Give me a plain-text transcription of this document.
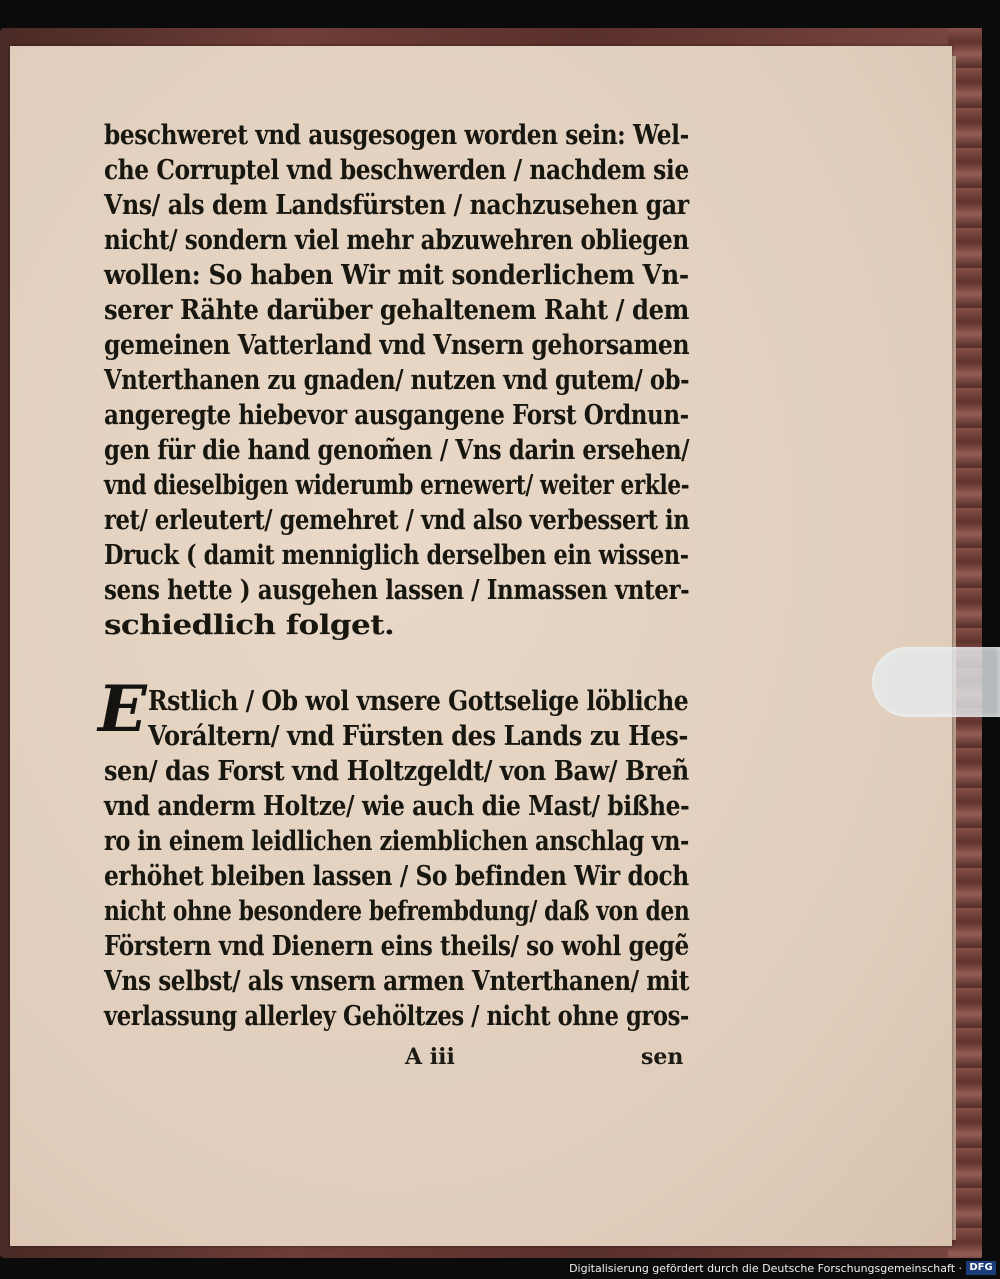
beschweret vnd ausgesogen worden sein: Wel-
che Corruptel vnd beschwerden / nachdem sie
Vns/ als dem Landsfürsten / nachzusehen gar
nicht/ sondern viel mehr abzuwehren obliegen
wollen: So haben Wir mit sonderlichem Vn-
serer Rähte darüber gehaltenem Raht / dem
gemeinen Vatterland vnd Vnsern gehorsamen
Vnterthanen zu gnaden/ nutzen vnd gutem/ ob-
angeregte hiebevor ausgangene Forst Ordnun-
gen für die hand genom̃en / Vns darin ersehen/
vnd dieselbigen widerumb ernewert/ weiter erkle-
ret/ erleutert/ gemehret / vnd also verbessert in
Druck ( damit menniglich derselben ein wissen-
sens hette ) ausgehen lassen / Inmassen vnter-
schiedlich folget.
E Rstlich / Ob wol vnsere Gottselige löbliche
Voráltern/ vnd Fürsten des Lands zu Hes-
sen/ das Forst vnd Holtzgeldt/ von Baw/ Breñ
vnd anderm Holtze/ wie auch die Mast/ bißhe-
ro in einem leidlichen ziemblichen anschlag vn-
erhöhet bleiben lassen / So befinden Wir doch
nicht ohne besondere befrembdung/ daß von den
Förstern vnd Dienern eins theils/ so wohl gegẽ
Vns selbst/ als vnsern armen Vnterthanen/ mit
verlassung allerley Gehöltzes / nicht ohne gros-
A iii	sen
Digitalisierung gefördert durch die Deutsche Forschungsgemeinschaft · DFG
